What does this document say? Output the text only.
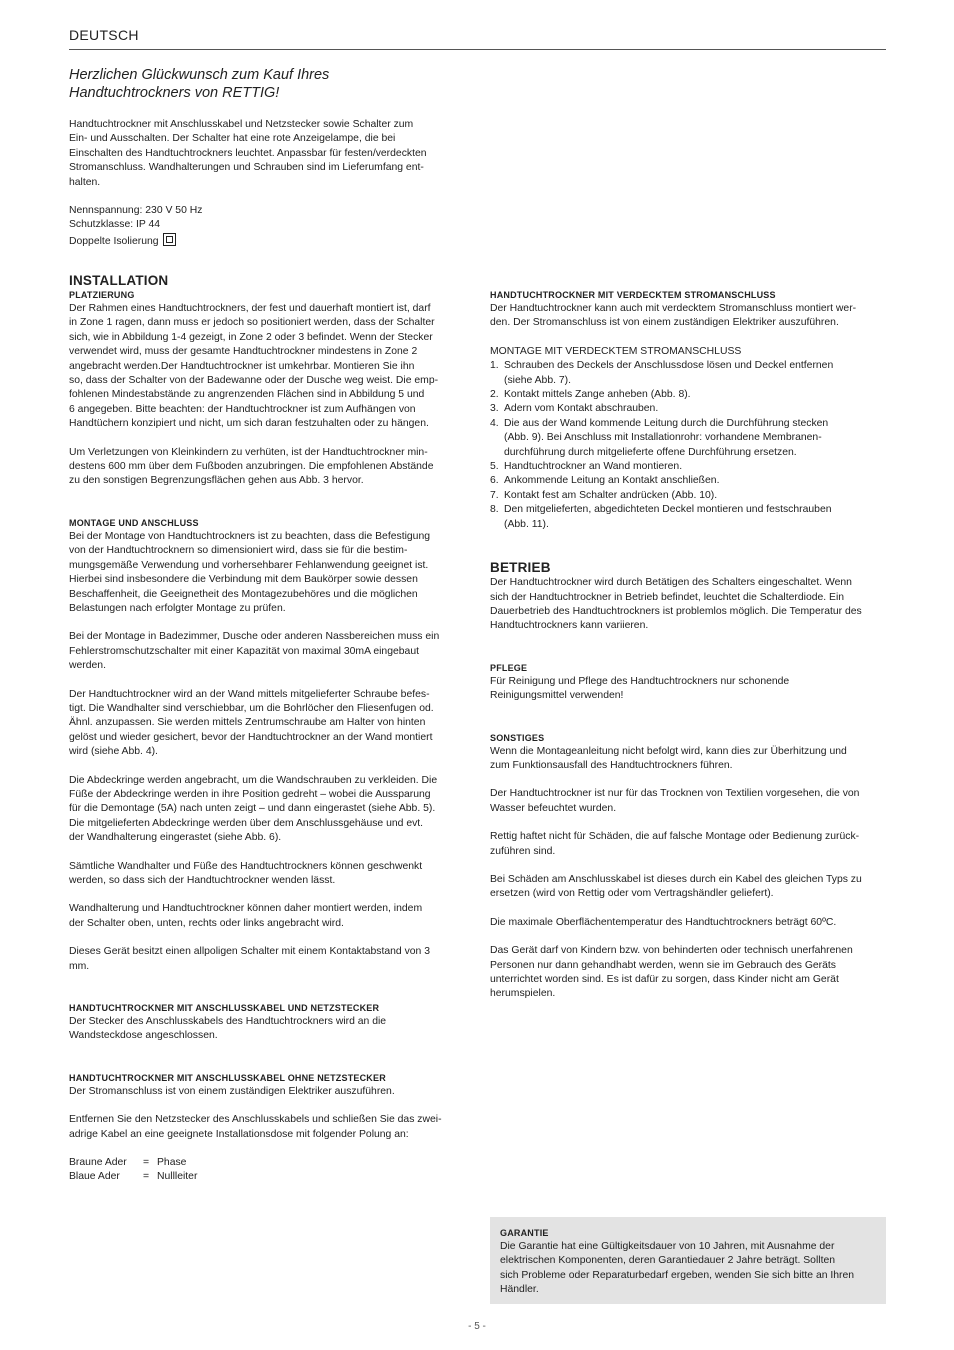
DEUTSCH

Herzlichen Glückwunsch zum Kauf Ihres
Handtuchtrockners von RETTIG!

Handtuchtrockner mit Anschlusskabel und Netzstecker sowie Schalter zum
Ein- und Ausschalten. Der Schalter hat eine rote Anzeigelampe, die bei
Einschalten des Handtuchtrockners leuchtet. Anpassbar für festen/verdeckten
Stromanschluss. Wandhalterungen und Schrauben sind im Lieferumfang ent-
halten.

Nennspannung: 230 V 50 Hz
Schutzklasse: IP 44
Doppelte Isolierung
INSTALLATION
PLATZIERUNG

Der Rahmen eines Handtuchtrockners, der fest und dauerhaft montiert ist, darf
in Zone 1 ragen, dann muss er jedoch so positioniert werden, dass der Schalter
sich, wie in Abbildung 1-4 gezeigt, in Zone 2 oder 3 befindet. Wenn der Stecker
verwendet wird, muss der gesamte Handtuchtrockner mindestens in Zone 2
angebracht werden.Der Handtuchtrockner ist umkehrbar. Montieren Sie ihn
so, dass der Schalter von der Badewanne oder der Dusche weg weist. Die emp-
fohlenen Mindestabstände zu angrenzenden Flächen sind in Abbildung 5 und
6 angegeben. Bitte beachten: der Handtuchtrockner ist zum Aufhängen von
Handtüchern konzipiert und nicht, um sich daran festzuhalten oder zu hängen.

Um Verletzungen von Kleinkindern zu verhüten, ist der Handtuchtrockner min-
destens 600 mm über dem Fußboden anzubringen. Die empfohlenen Abstände
zu den sonstigen Begrenzungsflächen gehen aus Abb. 3 hervor.

MONTAGE UND ANSCHLUSS

Bei der Montage von Handtuchtrockners ist zu beachten, dass die Befestigung
von der Handtuchtrocknern so dimensioniert wird, dass sie für die bestim-
mungsgemäße Verwendung und vorhersehbarer Fehlanwendung geeignet ist.
Hierbei sind insbesondere die Verbindung mit dem Baukörper sowie dessen
Beschaffenheit, die Geeignetheit des Montagezubehöres und die möglichen
Belastungen nach erfolgter Montage zu prüfen.

Bei der Montage in Badezimmer, Dusche oder anderen Nassbereichen muss ein
Fehlerstromschutzschalter mit einer Kapazität von maximal 30mA eingebaut
werden.

Der Handtuchtrockner wird an der Wand mittels mitgelieferter Schraube befes-
tigt. Die Wandhalter sind verschiebbar, um die Bohrlöcher den Fliesenfugen od.
Ähnl. anzupassen. Sie werden mittels Zentrumschraube am Halter von hinten
gelöst und wieder gesichert, bevor der Handtuchtrockner an der Wand montiert
wird (siehe Abb. 4).

Die Abdeckringe werden angebracht, um die Wandschrauben zu verkleiden. Die
Füße der Abdeckringe werden in ihre Position gedreht – wobei die Aussparung
für die Demontage (5A) nach unten zeigt – und dann eingerastet (siehe Abb. 5).
Die mitgelieferten Abdeckringe werden über dem Anschlussgehäuse und evt.
der Wandhalterung eingerastet (siehe Abb. 6).

Sämtliche Wandhalter und Füße des Handtuchtrockners können geschwenkt
werden, so dass sich der Handtuchtrockner wenden lässt.

Wandhalterung und Handtuchtrockner können daher montiert werden, indem
der Schalter oben, unten, rechts oder links angebracht wird.

Dieses Gerät besitzt einen allpoligen Schalter mit einem Kontaktabstand von 3
mm.

HANDTUCHTROCKNER MIT ANSCHLUSSKABEL UND NETZSTECKER

Der Stecker des Anschlusskabels des Handtuchtrockners wird an die
Wandsteckdose angeschlossen.

HANDTUCHTROCKNER MIT ANSCHLUSSKABEL OHNE NETZSTECKER

Der Stromanschluss ist von einem zuständigen Elektriker auszuführen.

Entfernen Sie den Netzstecker des Anschlusskabels und schließen Sie das zwei-
adrige Kabel an eine geeignete Installationsdose mit folgender Polung an:

Braune Ader	= Phase
Blaue Ader	= Nullleiter
HANDTUCHTROCKNER MIT VERDECKTEM STROMANSCHLUSS

Der Handtuchtrockner kann auch mit verdecktem Stromanschluss montiert wer-
den. Der Stromanschluss ist von einem zuständigen Elektriker auszuführen.

MONTAGE MIT VERDECKTEM STROMANSCHLUSS

1. Schrauben des Deckels der Anschlussdose lösen und Deckel entfernen
(siehe Abb. 7).
2. Kontakt mittels Zange anheben (Abb. 8).
3. Adern vom Kontakt abschrauben.
4. Die aus der Wand kommende Leitung durch die Durchführung stecken
(Abb. 9). Bei Anschluss mit Installationrohr: vorhandene Membranen-
durchführung durch mitgelieferte offene Durchführung ersetzen.
5. Handtuchtrockner an Wand montieren.
6. Ankommende Leitung an Kontakt anschließen.
7. Kontakt fest am Schalter andrücken (Abb. 10).
8. Den mitgelieferten, abgedichteten Deckel montieren und festschrauben
(Abb. 11).
BETRIEB

Der Handtuchtrockner wird durch Betätigen des Schalters eingeschaltet. Wenn
sich der Handtuchtrockner in Betrieb befindet, leuchtet die Schalterdiode. Ein
Dauerbetrieb des Handtuchtrockners ist problemlos möglich. Die Temperatur des
Handtuchtrockners kann variieren.

PFLEGE

Für Reinigung und Pflege des Handtuchtrockners nur schonende
Reinigungsmittel verwenden!

SONSTIGES

Wenn die Montageanleitung nicht befolgt wird, kann dies zur Überhitzung und
zum Funktionsausfall des Handtuchtrockners führen.

Der Handtuchtrockner ist nur für das Trocknen von Textilien vorgesehen, die von
Wasser befeuchtet wurden.

Rettig haftet nicht für Schäden, die auf falsche Montage oder Bedienung zurück-
zuführen sind.

Bei Schäden am Anschlusskabel ist dieses durch ein Kabel des gleichen Typs zu
ersetzen (wird von Rettig oder vom Vertragshändler geliefert).

Die maximale Oberflächentemperatur des Handtuchtrockners beträgt 60ºC.

Das Gerät darf von Kindern bzw. von behinderten oder technisch unerfahrenen
Personen nur dann gehandhabt werden, wenn sie im Gebrauch des Geräts
unterrichtet worden sind. Es ist dafür zu sorgen, dass Kinder nicht am Gerät
herumspielen.

GARANTIE

Die Garantie hat eine Gültigkeitsdauer von 10 Jahren, mit Ausnahme der
elektrischen Komponenten, deren Garantiedauer 2 Jahre beträgt. Sollten
sich Probleme oder Reparaturbedarf ergeben, wenden Sie sich bitte an Ihren
Händler.

- 5 -
